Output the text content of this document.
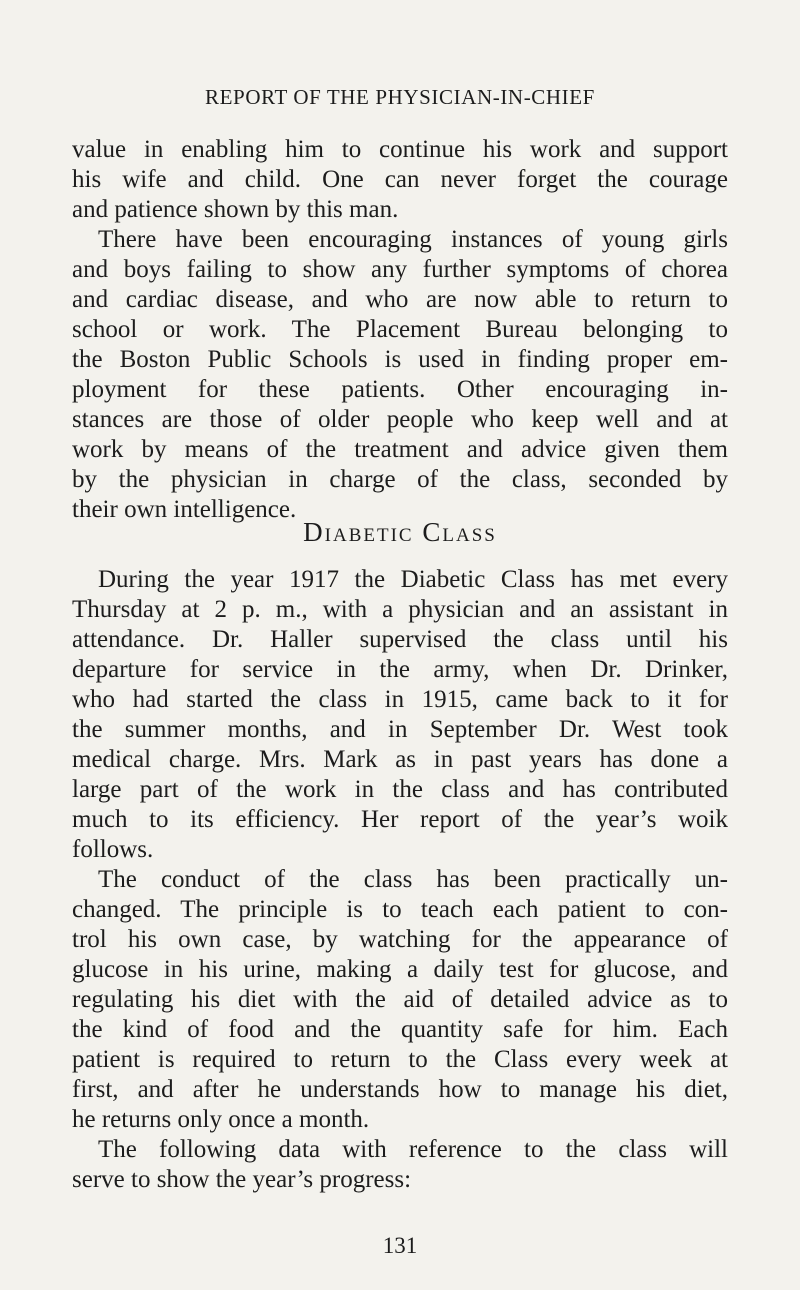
REPORT OF THE PHYSICIAN-IN-CHIEF
value in enabling him to continue his work and support
his wife and child. One can never forget the courage
and patience shown by this man.
There have been encouraging instances of young girls
and boys failing to show any further symptoms of chorea
and cardiac disease, and who are now able to return to
school or work. The Placement Bureau belonging to
the Boston Public Schools is used in finding proper em-
ployment for these patients. Other encouraging in-
stances are those of older people who keep well and at
work by means of the treatment and advice given them
by the physician in charge of the class, seconded by
their own intelligence.
Diabetic Class
During the year 1917 the Diabetic Class has met every
Thursday at 2 p. m., with a physician and an assistant in
attendance. Dr. Haller supervised the class until his
departure for service in the army, when Dr. Drinker,
who had started the class in 1915, came back to it for
the summer months, and in September Dr. West took
medical charge. Mrs. Mark as in past years has done a
large part of the work in the class and has contributed
much to its efficiency. Her report of the year’s woik
follows.
The conduct of the class has been practically un-
changed. The principle is to teach each patient to con-
trol his own case, by watching for the appearance of
glucose in his urine, making a daily test for glucose, and
regulating his diet with the aid of detailed advice as to
the kind of food and the quantity safe for him. Each
patient is required to return to the Class every week at
first, and after he understands how to manage his diet,
he returns only once a month.
The following data with reference to the class will
serve to show the year’s progress:
131
